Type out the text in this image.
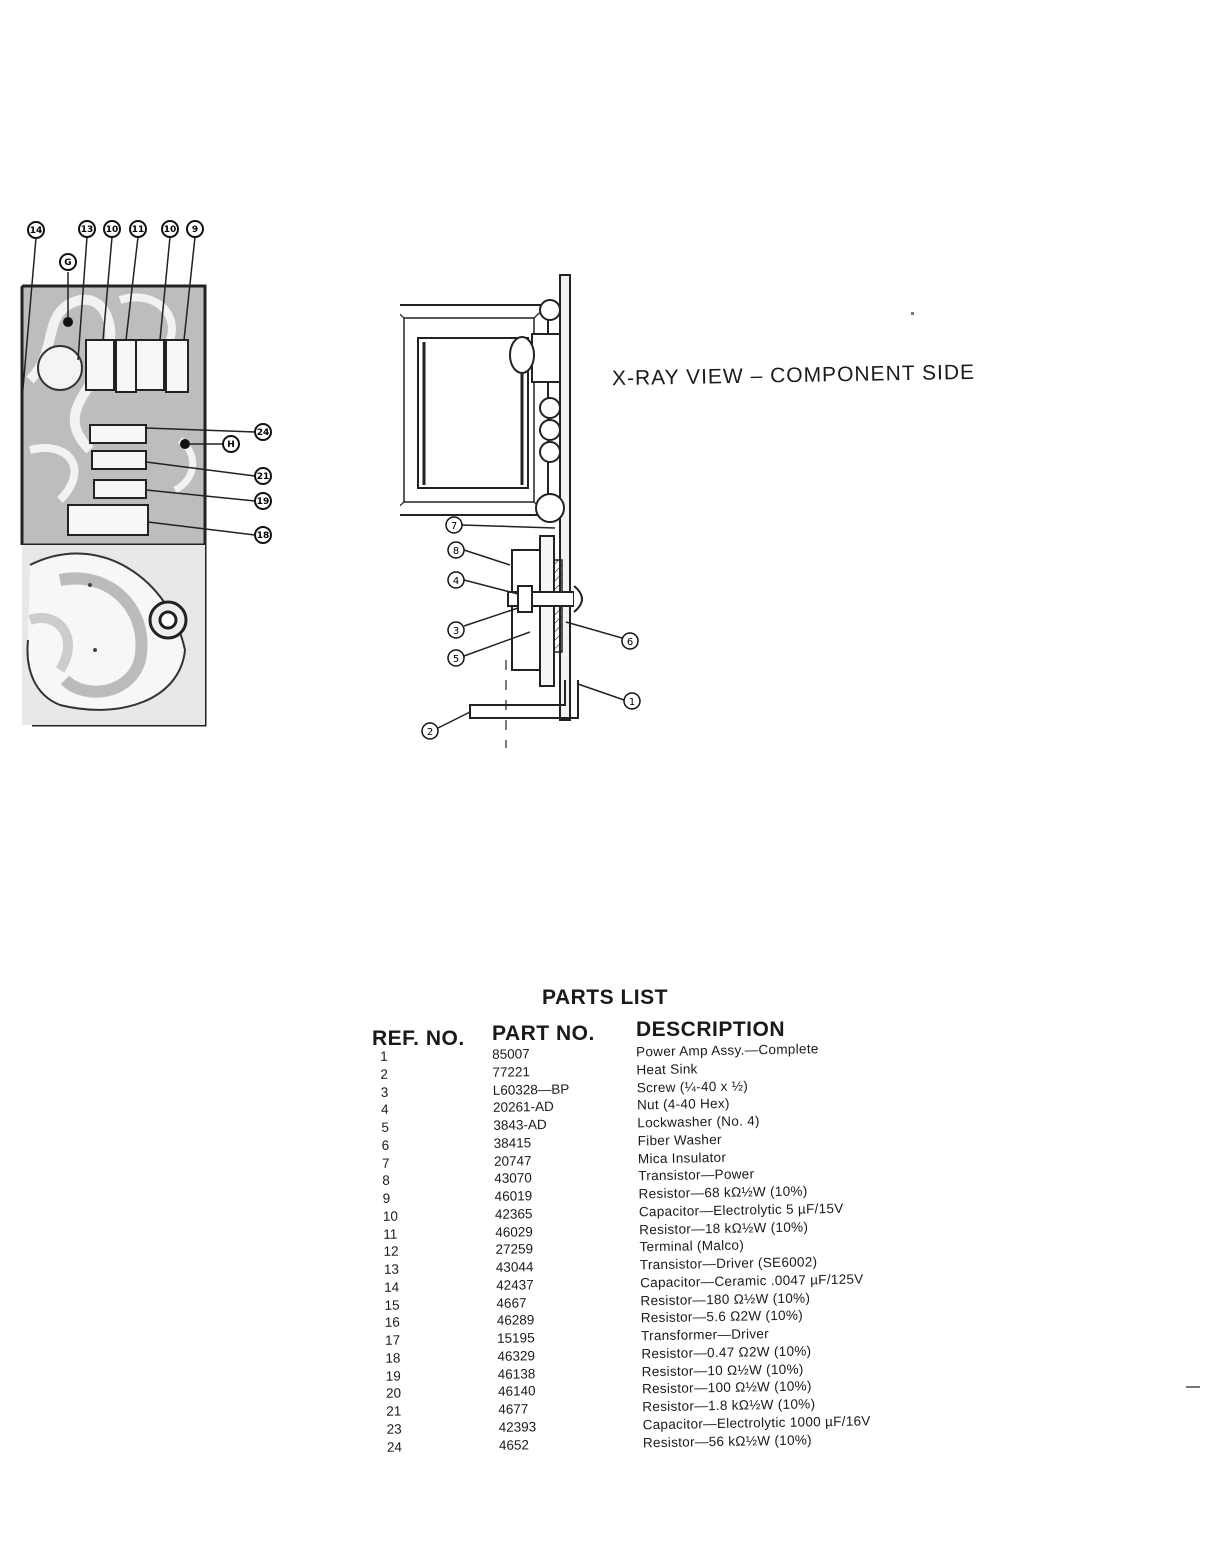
14	13 10 11 10 9
G
24
H
21
19
18
7
8
4
3
5
6
1
2
X-RAY VIEW – COMPONENT SIDE
PARTS LIST
REF. NO. PART NO. DESCRIPTION
1	85007	Power Amp Assy.—Complete
2	77221	Heat Sink
3	L60328—BP	Screw (¼-40 x ½)
4	20261-AD	Nut (4-40 Hex)
5	3843-AD	Lockwasher (No. 4)
6	38415	Fiber Washer
7	20747	Mica Insulator
8	43070	Transistor—Power
9	46019	Resistor—68 kΩ½W (10%)
10	42365	Capacitor—Electrolytic 5 µF/15V
11	46029	Resistor—18 kΩ½W (10%)
12	27259	Terminal (Malco)
13	43044	Transistor—Driver (SE6002)
14	42437	Capacitor—Ceramic .0047 µF/125V
15	4667	Resistor—180 Ω½W (10%)
16	46289	Resistor—5.6 Ω2W (10%)
17	15195	Transformer—Driver
18	46329	Resistor—0.47 Ω2W (10%)
19	46138	Resistor—10 Ω½W (10%)
20	46140	Resistor—100 Ω½W (10%)
21	4677	Resistor—1.8 kΩ½W (10%)
23	42393	Capacitor—Electrolytic 1000 µF/16V
24	4652	Resistor—56 kΩ½W (10%)
